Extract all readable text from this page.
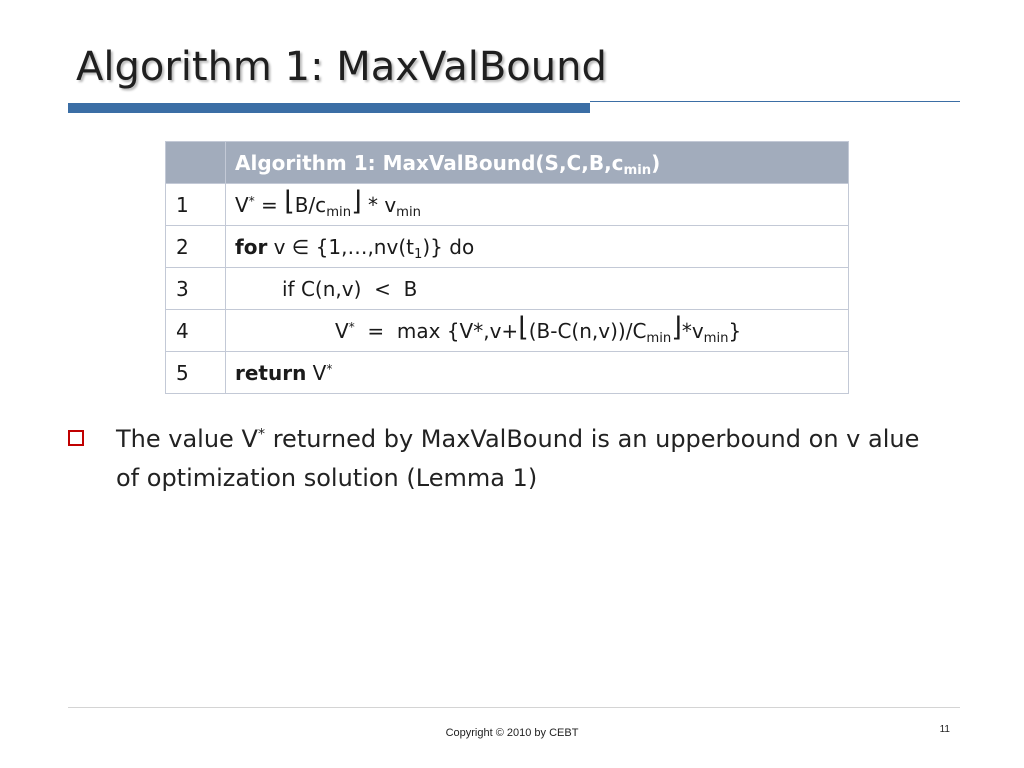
Algorithm 1: MaxValBound
	Algorithm 1: $MaxValBound(S,C,B,c_{min})$
1	$V^* = ⌊B/c_{min}⌋ * v_{min}$
2	for v ∈ $\{1,\dots,nv(t_1)\}$ do
3	if C(n,v)  <  B
4	$V^* = \max \{V*,v+⌊(B-C(n,v))/C_{min}⌋*v_{min}\}$
5	return V*
The value V* returned by MaxValBound is an upperbound on v alue of optimization solution (Lemma 1)
Copyright © 2010 by CEBT	11
